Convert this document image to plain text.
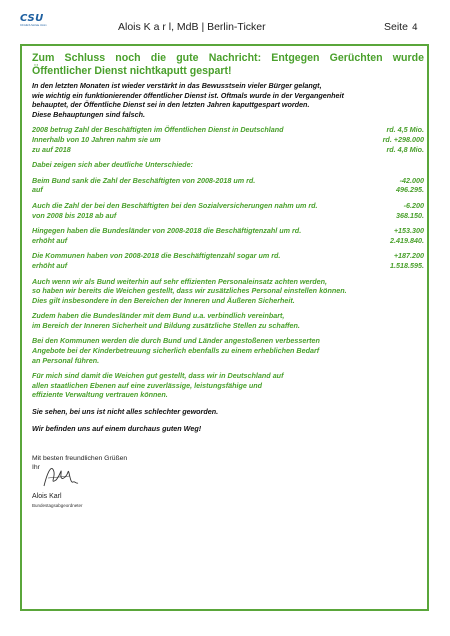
CSU
Christlich-Soziale Union	Alois K a r l, MdB | Berlin-Ticker	Seite 4
Zum Schluss noch die gute Nachricht: Entgegen Gerüchten wurde Öffentlicher Dienst nichtkaputt gespart!
In den letzten Monaten ist wieder verstärkt in das Bewusstsein vieler Bürger gelangt,
wie wichtig ein funktionierender öffentlicher Dienst ist. Oftmals wurde in der Vergangenheit
behauptet, der Öffentliche Dienst sei in den letzten Jahren kaputtgespart worden.
Diese Behauptungen sind falsch.
2008 betrug Zahl der Beschäftigten im Öffentlichen Dienst in Deutschland	rd. 4,5 Mio.
Innerhalb von 10 Jahren nahm sie um	rd. +298.000
zu auf 2018	rd. 4,8 Mio.
Dabei zeigen sich aber deutliche Unterschiede:
Beim Bund sank die Zahl der Beschäftigten von 2008-2018 um rd.	-42.000
auf	496.295.
Auch die Zahl der bei den Beschäftigten bei den Sozialversicherungen nahm um rd.	-6.200
von 2008 bis 2018 ab auf	368.150.
Hingegen haben die Bundesländer von 2008-2018 die Beschäftigtenzahl um rd.	+153.300
erhöht auf	2.419.840.
Die Kommunen haben von 2008-2018 die Beschäftigtenzahl sogar um rd.	+187.200
erhöht auf	1.518.595.
Auch wenn wir als Bund weiterhin auf sehr effizienten Personaleinsatz achten werden,
so haben wir bereits die Weichen gestellt, dass wir zusätzliches Personal einstellen können.
Dies gilt insbesondere in den Bereichen der Inneren und Äußeren Sicherheit.
Zudem haben die Bundesländer mit dem Bund u.a. verbindlich vereinbart,
im Bereich der Inneren Sicherheit und Bildung zusätzliche Stellen zu schaffen.
Bei den Kommunen werden die durch Bund und Länder angestoßenen verbesserten
Angebote bei der Kinderbetreuung sicherlich ebenfalls zu einem erheblichen Bedarf
an Personal führen.
Für mich sind damit die Weichen gut gestellt, dass wir in Deutschland auf
allen staatlichen Ebenen auf eine zuverlässige, leistungsfähige und
effiziente Verwaltung vertrauen können.
Sie sehen, bei uns ist nicht alles schlechter geworden.
Wir befinden uns auf einem durchaus guten Weg!
Mit besten freundlichen Grüßen
Ihr
Alois Karl
Bundestagsabgeordneter
